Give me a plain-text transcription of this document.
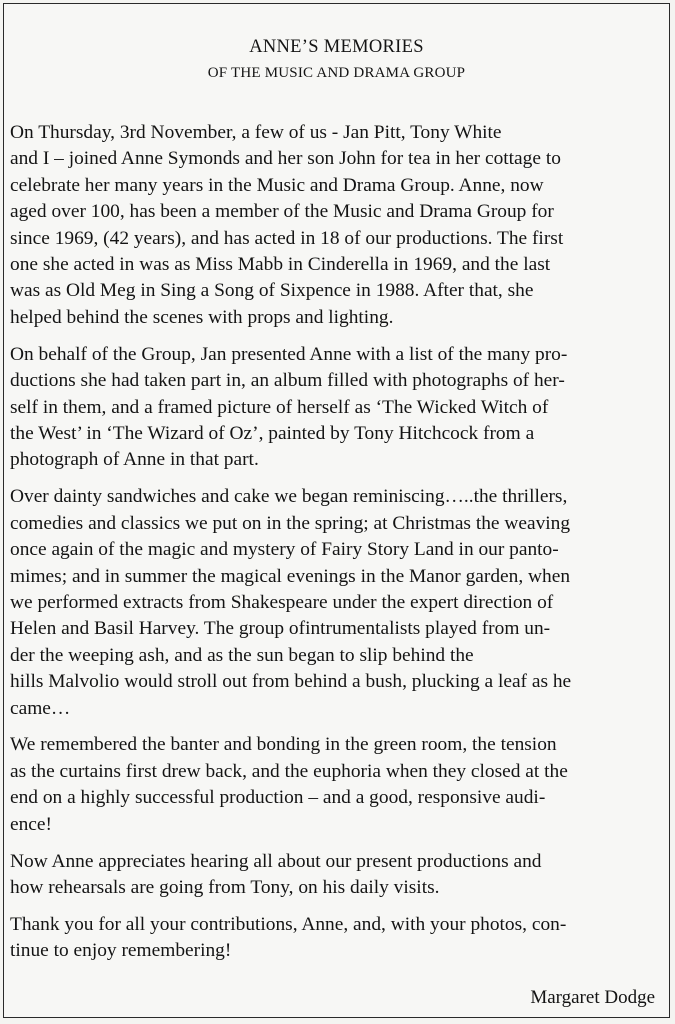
ANNE’S MEMORIES
OF THE MUSIC AND DRAMA GROUP

On Thursday, 3rd November, a few of us - Jan Pitt, Tony White
and I – joined Anne Symonds and her son John for tea in her cottage to
celebrate her many years in the Music and Drama Group. Anne, now
aged over 100, has been a member of the Music and Drama Group for
since 1969, (42 years), and has acted in 18 of our productions. The first
one she acted in was as Miss Mabb in Cinderella in 1969, and the last
was as Old Meg in Sing a Song of Sixpence in 1988. After that, she
helped behind the scenes with props and lighting.

On behalf of the Group, Jan presented Anne with a list of the many pro-
ductions she had taken part in, an album filled with photographs of her-
self in them, and a framed picture of herself as ‘The Wicked Witch of
the West’ in ‘The Wizard of Oz’, painted by Tony Hitchcock from a
photograph of Anne in that part.

Over dainty sandwiches and cake we began reminiscing…..the thrillers,
comedies and classics we put on in the spring; at Christmas the weaving
once again of the magic and mystery of Fairy Story Land in our panto-
mimes; and in summer the magical evenings in the Manor garden, when
we performed extracts from Shakespeare under the expert direction of
Helen and Basil Harvey. The group ofintrumentalists played from un-
der the weeping ash, and as the sun began to slip behind the
hills Malvolio would stroll out from behind a bush, plucking a leaf as he
came…

We remembered the banter and bonding in the green room, the tension
as the curtains first drew back, and the euphoria when they closed at the
end on a highly successful production – and a good, responsive audi-
ence!

Now Anne appreciates hearing all about our present productions and
how rehearsals are going from Tony, on his daily visits.

Thank you for all your contributions, Anne, and, with your photos, con-
tinue to enjoy remembering!

Margaret Dodge
